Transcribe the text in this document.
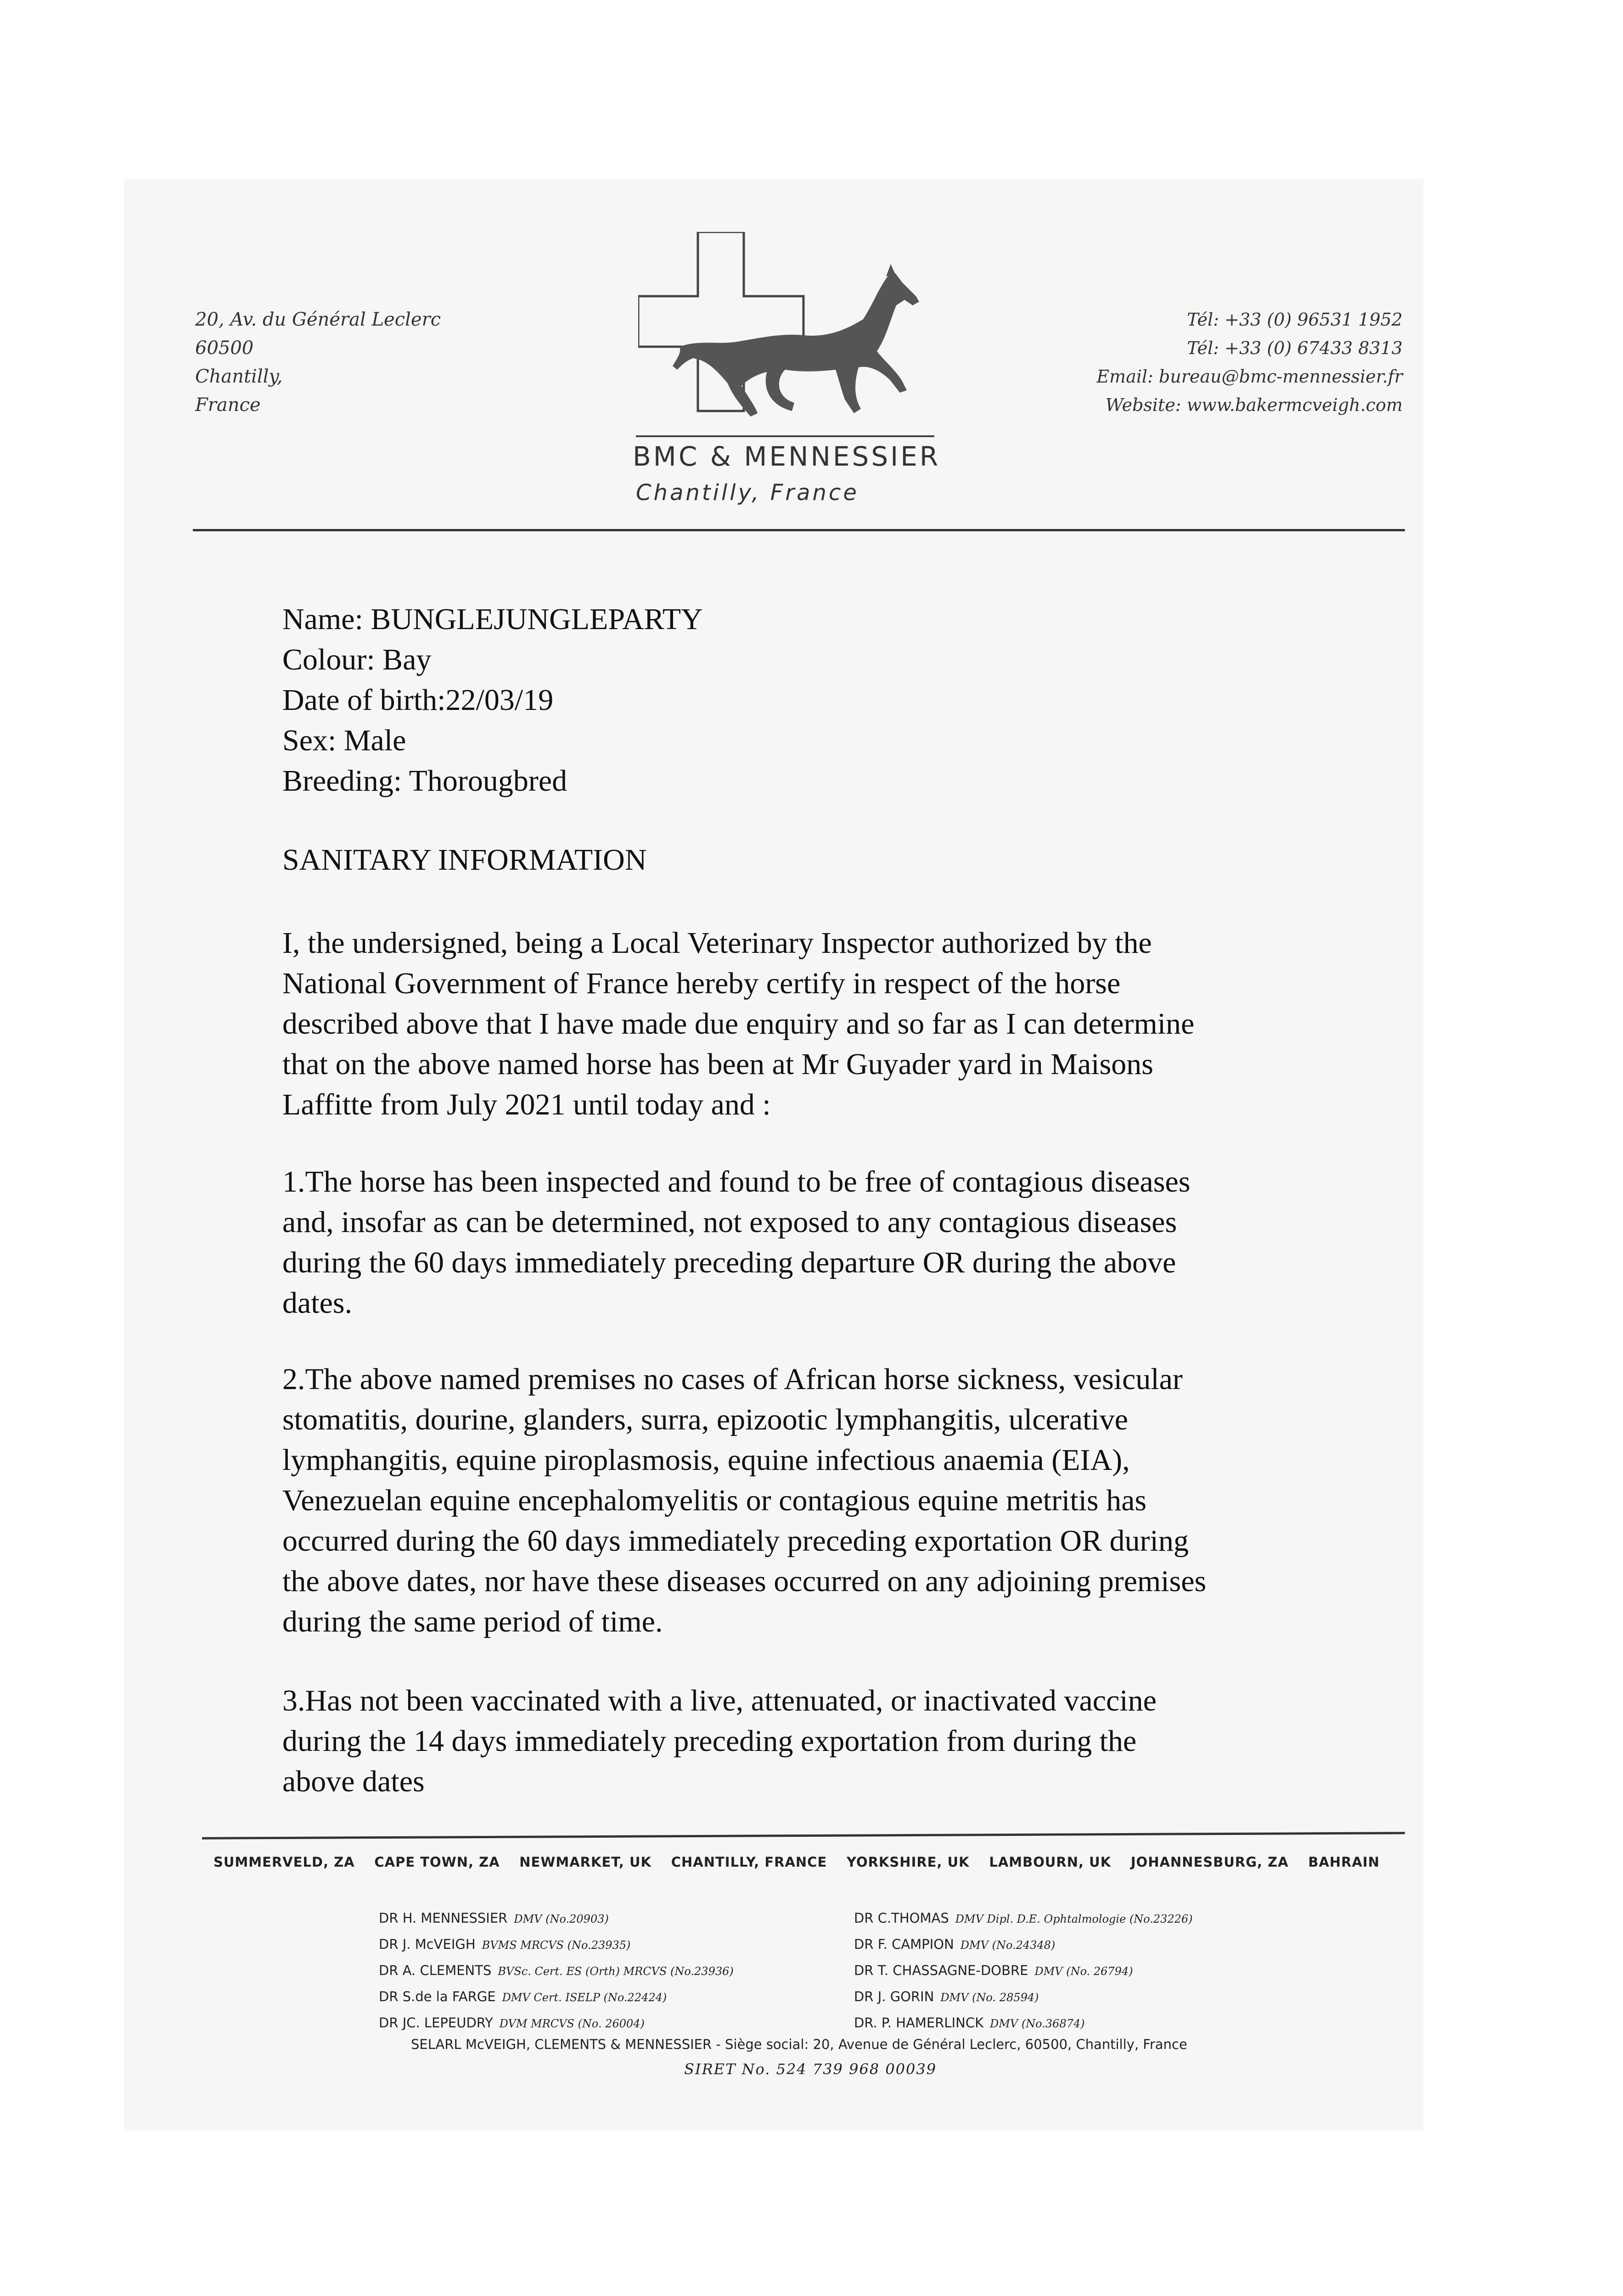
20, Av. du Général Leclerc
60500
Chantilly,
France
BMC & MENNESSIER
Chantilly, France
Tél: +33 (0) 96531 1952
Tél: +33 (0) 67433 8313
Email: bureau@bmc-mennessier.fr
Website: www.bakermcveigh.com
Name: BUNGLEJUNGLEPARTY
Colour: Bay
Date of birth:22/03/19
Sex: Male
Breeding: Thorougbred
SANITARY INFORMATION
I, the undersigned, being a Local Veterinary Inspector authorized by the
National Government of France hereby certify in respect of the horse
described above that I have made due enquiry and so far as I can determine
that on the above named horse has been at Mr Guyader yard in Maisons
Laffitte from July 2021 until today and :
1.The horse has been inspected and found to be free of contagious diseases
and, insofar as can be determined, not exposed to any contagious diseases
during the 60 days immediately preceding departure OR during the above
dates.
2.The above named premises no cases of African horse sickness, vesicular
stomatitis, dourine, glanders, surra, epizootic lymphangitis, ulcerative
lymphangitis, equine piroplasmosis, equine infectious anaemia (EIA),
Venezuelan equine encephalomyelitis or contagious equine metritis has
occurred during the 60 days immediately preceding exportation OR during
the above dates, nor have these diseases occurred on any adjoining premises
during the same period of time.
3.Has not been vaccinated with a live, attenuated, or inactivated vaccine
during the 14 days immediately preceding exportation from during the
above dates
SUMMERVELD, ZA CAPE TOWN, ZA NEWMARKET, UK CHANTILLY, FRANCE YORKSHIRE, UK LAMBOURN, UK JOHANNESBURG, ZA BAHRAIN
DR H. MENNESSIER DMV (No.20903)
DR J. McVEIGH BVMS MRCVS (No.23935)
DR A. CLEMENTS BVSc. Cert. ES (Orth) MRCVS (No.23936)
DR S.de la FARGE DMV Cert. ISELP (No.22424)
DR JC. LEPEUDRY DVM MRCVS (No. 26004)
DR C.THOMAS DMV Dipl. D.E. Ophtalmologie (No.23226)
DR F. CAMPION DMV (No.24348)
DR T. CHASSAGNE-DOBRE DMV (No. 26794)
DR J. GORIN DMV (No. 28594)
DR. P. HAMERLINCK DMV (No.36874)
SELARL McVEIGH, CLEMENTS & MENNESSIER - Siège social: 20, Avenue de Général Leclerc, 60500, Chantilly, France
SIRET No. 524 739 968 00039
